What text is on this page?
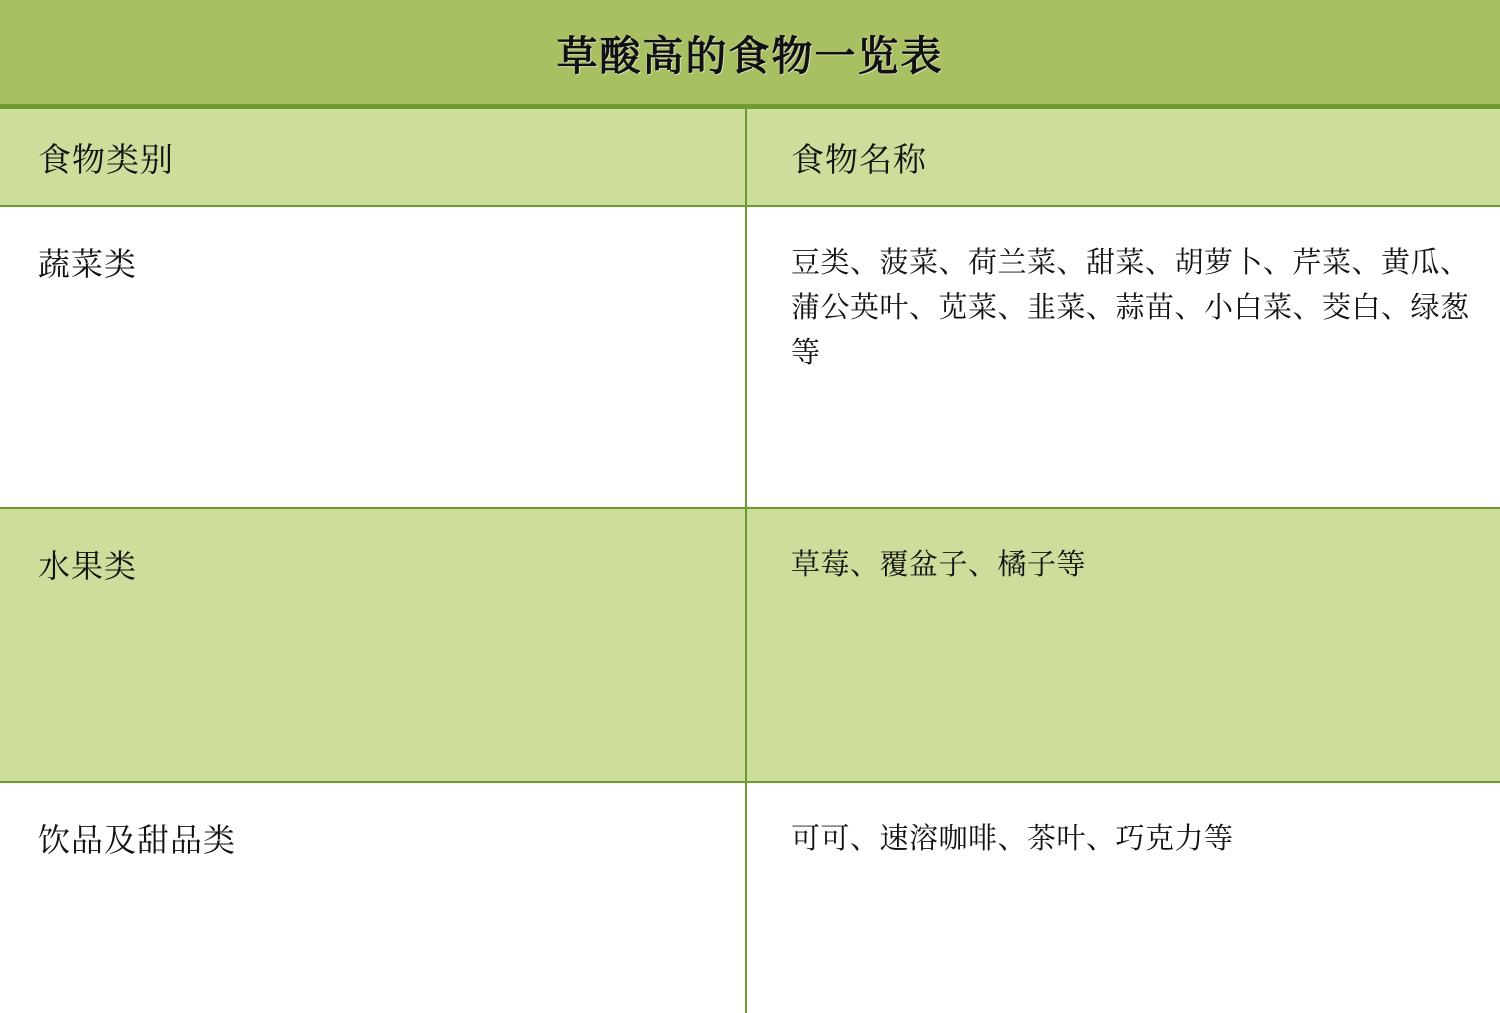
草酸高的食物一览表
食物类别	食物名称

蔬菜类	豆类、菠菜、荷兰菜、甜菜、胡萝卜、芹菜、黄瓜、蒲公英叶、苋菜、韭菜、蒜苗、小白菜、茭白、绿葱等

水果类	草莓、覆盆子、橘子等

饮品及甜品类	可可、速溶咖啡、茶叶、巧克力等
